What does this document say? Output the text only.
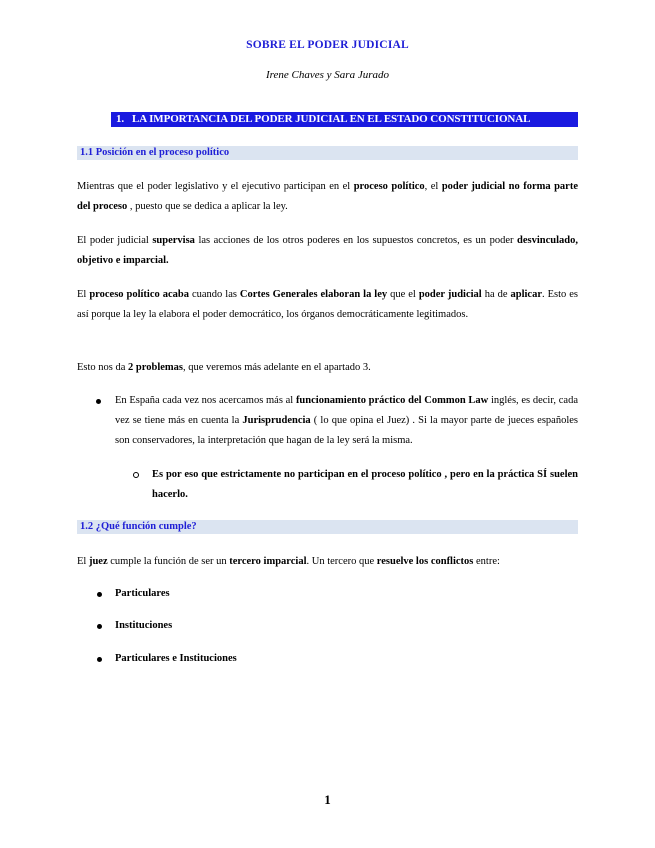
SOBRE EL PODER JUDICIAL
Irene Chaves y Sara Jurado
1. LA IMPORTANCIA DEL PODER JUDICIAL EN EL ESTADO CONSTITUCIONAL
1.1 Posición en el proceso político

Mientras que el poder legislativo y el ejecutivo participan en el proceso político, el poder judicial no forma parte del proceso , puesto que se dedica a aplicar la ley.

El poder judicial supervisa las acciones de los otros poderes en los supuestos concretos, es un poder desvinculado, objetivo e imparcial.

El proceso político acaba cuando las Cortes Generales elaboran la ley que el poder judicial ha de aplicar. Esto es así porque la ley la elabora el poder democrático, los órganos democráticamente legitimados.

Esto nos da 2 problemas, que veremos más adelante en el apartado 3.

En España cada vez nos acercamos más al funcionamiento práctico del Common Law inglés, es decir, cada vez se tiene más en cuenta la Jurisprudencia ( lo que opina el Juez) . Si la mayor parte de jueces españoles son conservadores, la interpretación que hagan de la ley será la misma.

Es por eso que estrictamente no participan en el proceso político , pero en la práctica SÍ suelen hacerlo.

1.2 ¿Qué función cumple?

El juez cumple la función de ser un tercero imparcial. Un tercero que resuelve los conflictos entre:

Particulares
Instituciones
Particulares e Instituciones
1
